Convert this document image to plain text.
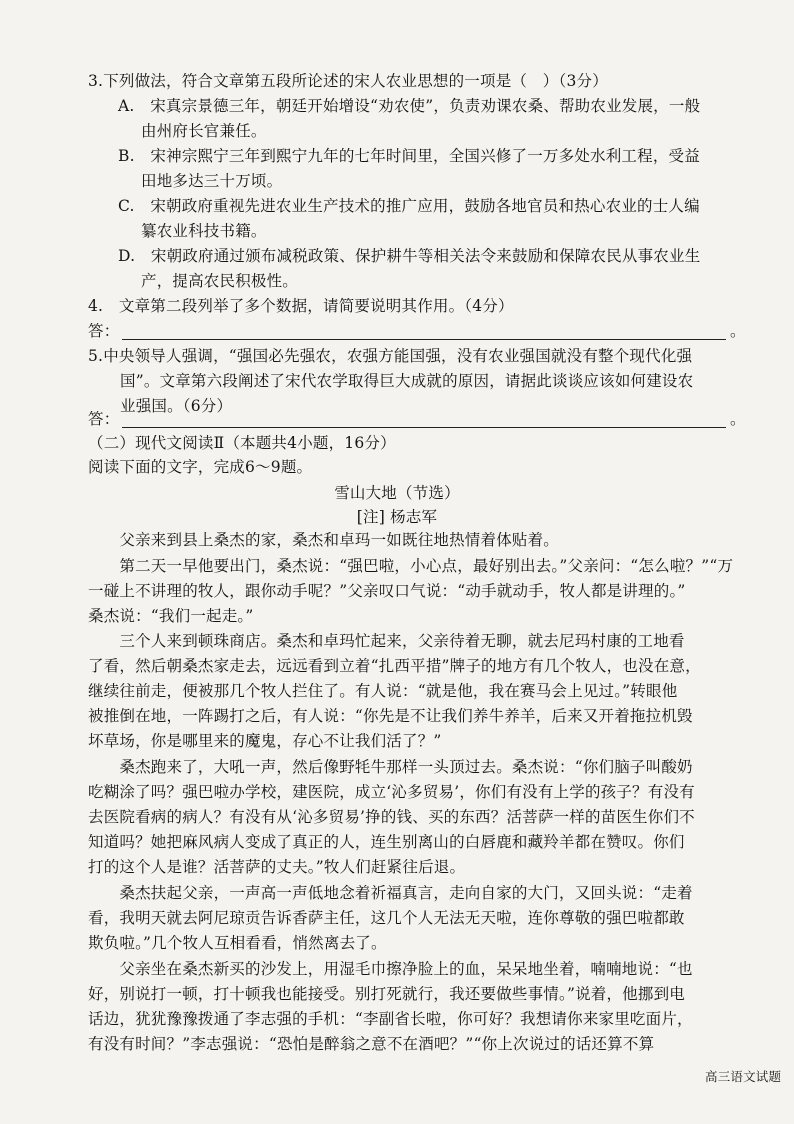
3.下列做法，符合文章第五段所论述的宋人农业思想的一项是（　）（3分）
A.　宋真宗景德三年，朝廷开始增设“劝农使”，负责劝课农桑、帮助农业发展，一般
由州府长官兼任。
B.　宋神宗熙宁三年到熙宁九年的七年时间里，全国兴修了一万多处水利工程，受益
田地多达三十万顷。
C.　宋朝政府重视先进农业生产技术的推广应用，鼓励各地官员和热心农业的士人编
纂农业科技书籍。
D.　宋朝政府通过颁布减税政策、保护耕牛等相关法令来鼓励和保障农民从事农业生
产，提高农民积极性。
4.　文章第二段列举了多个数据，请简要说明其作用。（4分）
答：	。
5.中央领导人强调，“强国必先强农，农强方能国强，没有农业强国就没有整个现代化强
国”。文章第六段阐述了宋代农学取得巨大成就的原因，请据此谈谈应该如何建设农
业强国。（6分）
答：	。
（二）现代文阅读Ⅱ（本题共4小题，16分）
阅读下面的文字，完成6～9题。
雪山大地（节选）
[注] 杨志军
　　父亲来到县上桑杰的家，桑杰和卓玛一如既往地热情着体贴着。
　　第二天一早他要出门，桑杰说：“强巴啦，小心点，最好别出去。”父亲问：“怎么啦？”“万
一碰上不讲理的牧人，跟你动手呢？”父亲叹口气说：“动手就动手，牧人都是讲理的。”
桑杰说：“我们一起走。”
　　三个人来到顿珠商店。桑杰和卓玛忙起来，父亲待着无聊，就去尼玛村康的工地看
了看，然后朝桑杰家走去，远远看到立着“扎西平措”牌子的地方有几个牧人，也没在意，
继续往前走，便被那几个牧人拦住了。有人说：“就是他，我在赛马会上见过。”转眼他
被推倒在地，一阵踢打之后，有人说：“你先是不让我们养牛养羊，后来又开着拖拉机毁
坏草场，你是哪里来的魔鬼，存心不让我们活了？”
　　桑杰跑来了，大吼一声，然后像野牦牛那样一头顶过去。桑杰说：“你们脑子叫酸奶
吃糊涂了吗？强巴啦办学校，建医院，成立‘沁多贸易’，你们有没有上学的孩子？有没有
去医院看病的病人？有没有从‘沁多贸易’挣的钱、买的东西？活菩萨一样的苗医生你们不
知道吗？她把麻风病人变成了真正的人，连生别离山的白唇鹿和藏羚羊都在赞叹。你们
打的这个人是谁？活菩萨的丈夫。”牧人们赶紧往后退。
　　桑杰扶起父亲，一声高一声低地念着祈福真言，走向自家的大门，又回头说：“走着
看，我明天就去阿尼琼贡告诉香萨主任，这几个人无法无天啦，连你尊敬的强巴啦都敢
欺负啦。”几个牧人互相看看，悄然离去了。
　　父亲坐在桑杰新买的沙发上，用湿毛巾擦净脸上的血，呆呆地坐着，喃喃地说：“也
好，别说打一顿，打十顿我也能接受。别打死就行，我还要做些事情。”说着，他挪到电
话边，犹犹豫豫拨通了李志强的手机：“李副省长啦，你可好？我想请你来家里吃面片，
有没有时间？”李志强说：“恐怕是醉翁之意不在酒吧？”“你上次说过的话还算不算
高三语文试题
